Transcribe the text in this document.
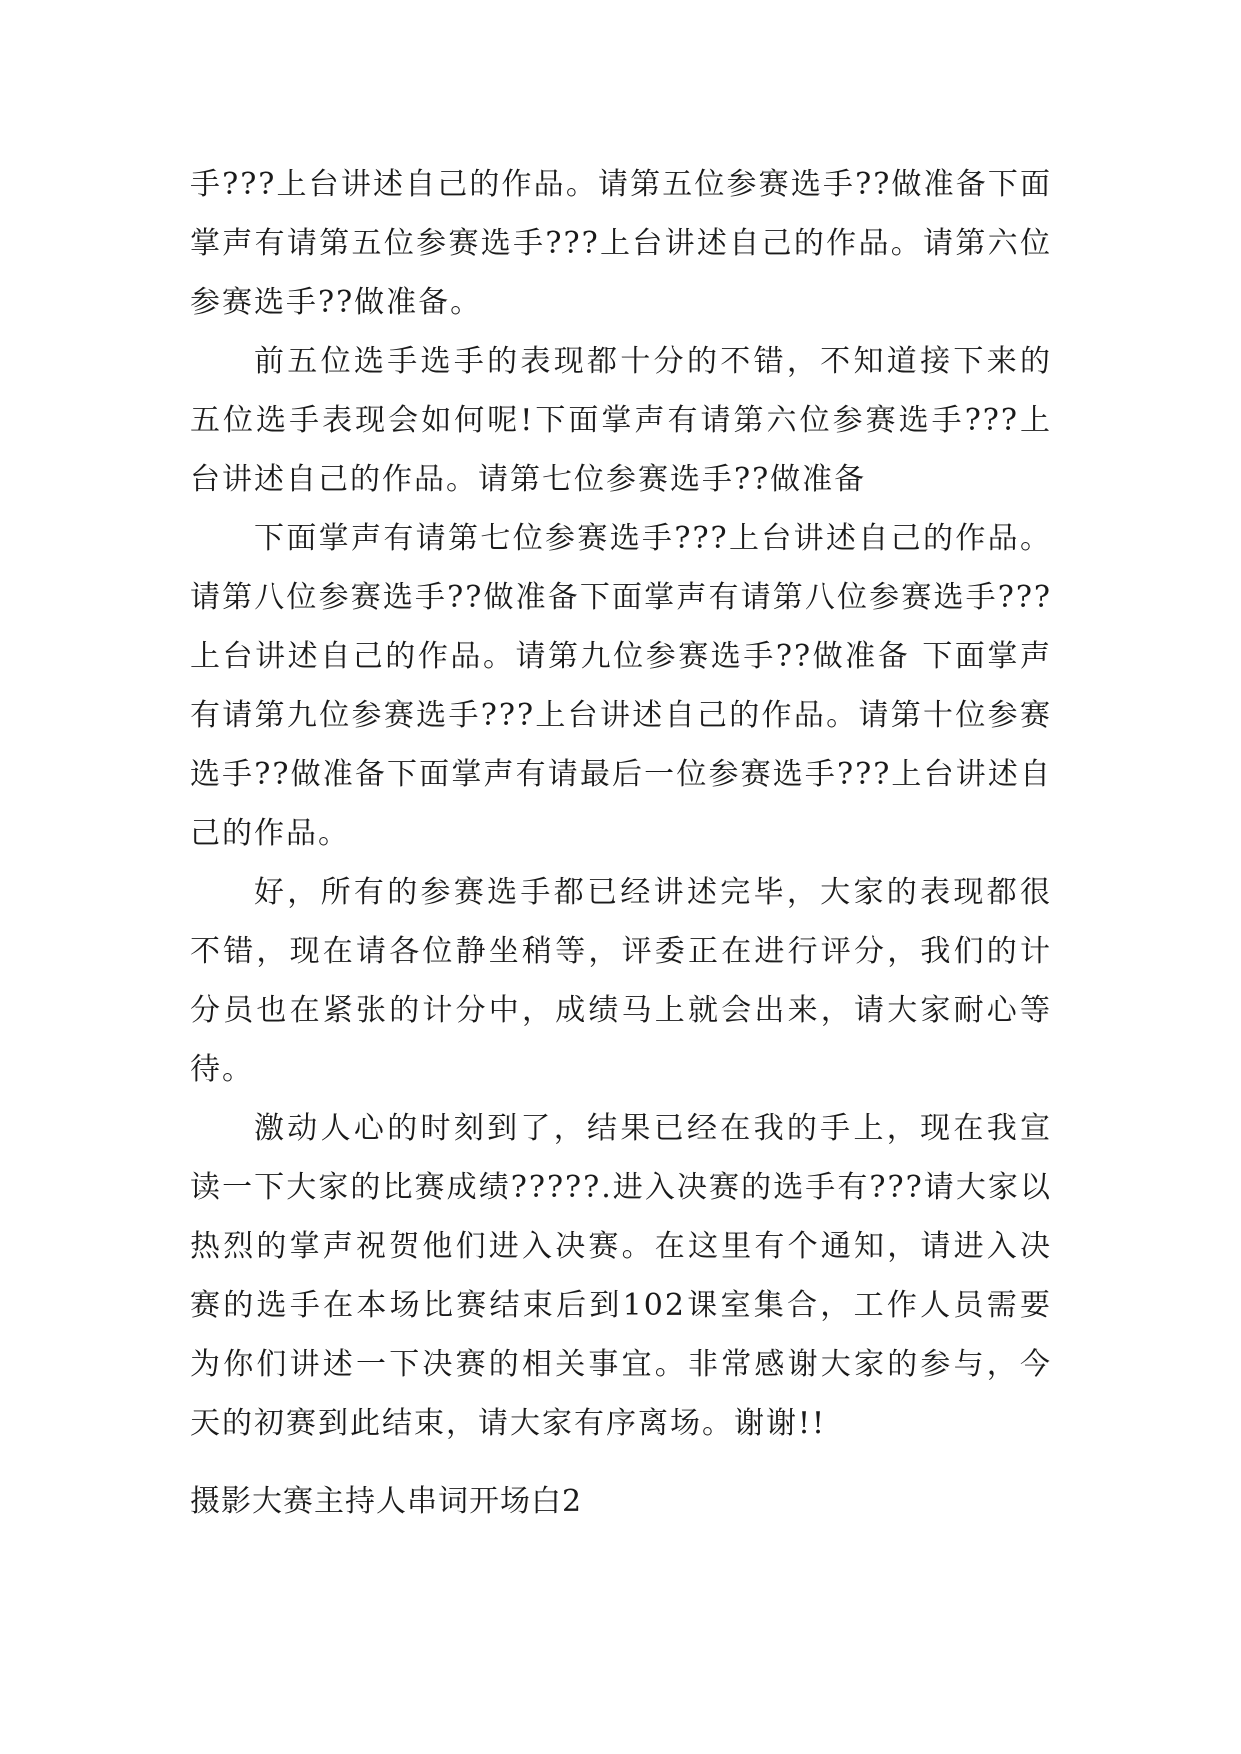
手???上台讲述自己的作品。请第五位参赛选手??做准备下面掌声有请第五位参赛选手???上台讲述自己的作品。请第六位参赛选手??做准备。

前五位选手选手的表现都十分的不错，不知道接下来的五位选手表现会如何呢!下面掌声有请第六位参赛选手???上台讲述自己的作品。请第七位参赛选手??做准备

下面掌声有请第七位参赛选手???上台讲述自己的作品。请第八位参赛选手??做准备下面掌声有请第八位参赛选手???上台讲述自己的作品。请第九位参赛选手??做准备 下面掌声有请第九位参赛选手???上台讲述自己的作品。请第十位参赛选手??做准备下面掌声有请最后一位参赛选手???上台讲述自己的作品。

好，所有的参赛选手都已经讲述完毕，大家的表现都很不错，现在请各位静坐稍等，评委正在进行评分，我们的计分员也在紧张的计分中，成绩马上就会出来，请大家耐心等待。

激动人心的时刻到了，结果已经在我的手上，现在我宣读一下大家的比赛成绩?????.进入决赛的选手有???请大家以热烈的掌声祝贺他们进入决赛。在这里有个通知，请进入决赛的选手在本场比赛结束后到102课室集合，工作人员需要为你们讲述一下决赛的相关事宜。非常感谢大家的参与，今天的初赛到此结束，请大家有序离场。谢谢!!

摄影大赛主持人串词开场白2
